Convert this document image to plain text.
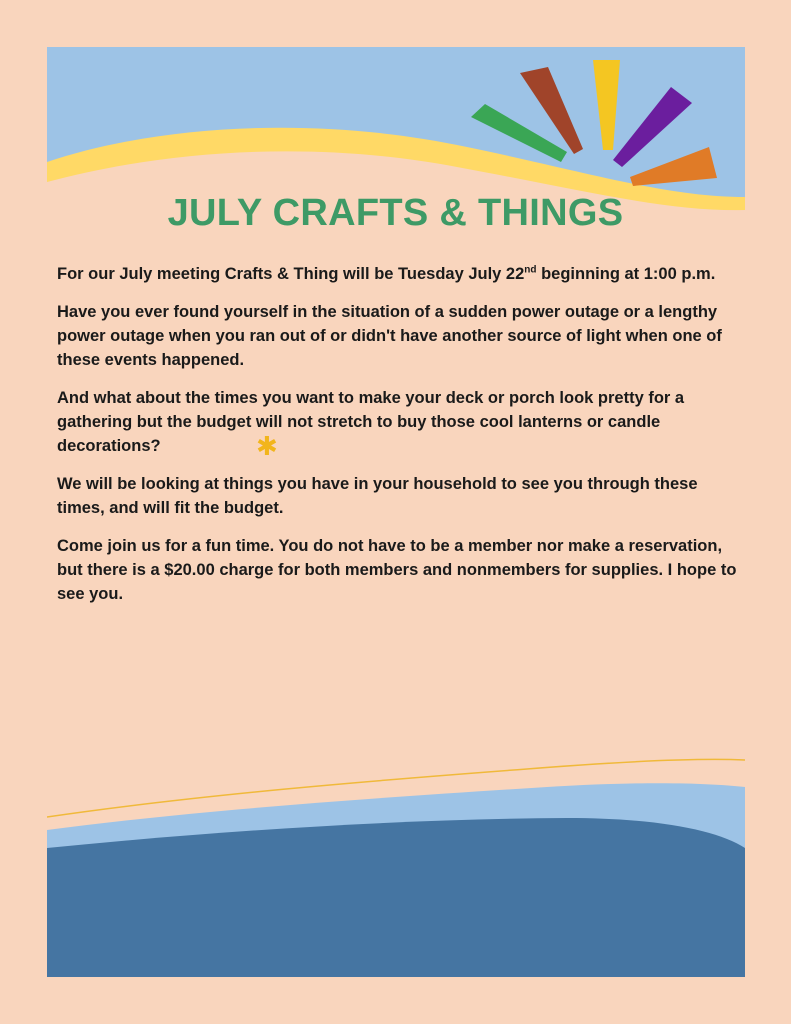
JULY CRAFTS & THINGS

For our July meeting Crafts & Thing will be Tuesday July 22nd beginning at 1:00 p.m.

Have you ever found yourself in the situation of a sudden power outage or a lengthy power outage when you ran out of or didn't have another source of light when one of these events happened.

And what about the times you want to make your deck or porch look pretty for a gathering but the budget will not stretch to buy those cool lanterns or candle decorations?

We will be looking at things you have in your household to see you through these times, and will fit the budget.

Come join us for a fun time. You do not have to be a member nor make a reservation, but there is a $20.00 charge for both members and nonmembers for supplies. I hope to see you.

✱
